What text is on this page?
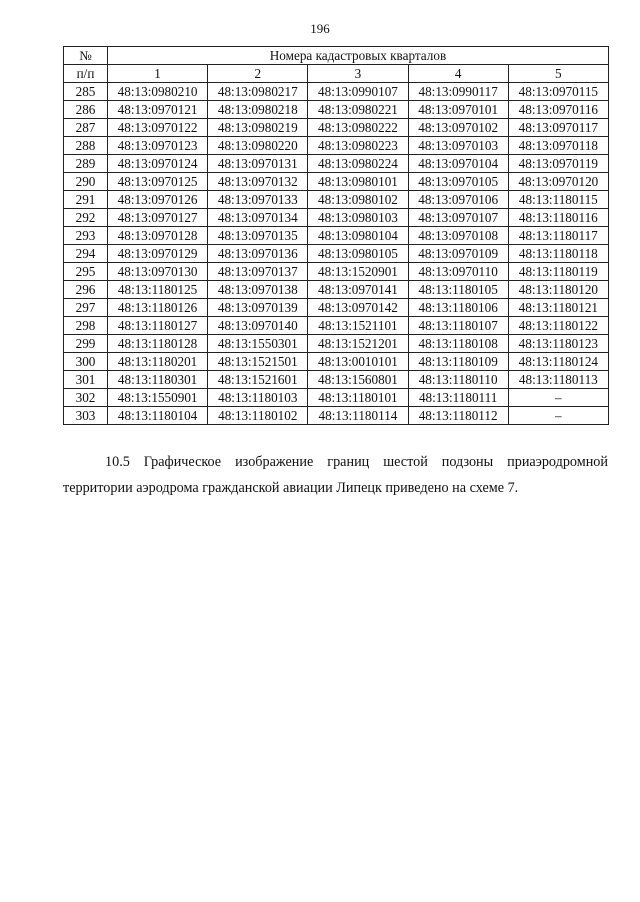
196
№	Номера кадастровых кварталов				
п/п	1	2	3	4	5
285	48:13:0980210	48:13:0980217	48:13:0990107	48:13:0990117	48:13:0970115
286	48:13:0970121	48:13:0980218	48:13:0980221	48:13:0970101	48:13:0970116
287	48:13:0970122	48:13:0980219	48:13:0980222	48:13:0970102	48:13:0970117
288	48:13:0970123	48:13:0980220	48:13:0980223	48:13:0970103	48:13:0970118
289	48:13:0970124	48:13:0970131	48:13:0980224	48:13:0970104	48:13:0970119
290	48:13:0970125	48:13:0970132	48:13:0980101	48:13:0970105	48:13:0970120
291	48:13:0970126	48:13:0970133	48:13:0980102	48:13:0970106	48:13:1180115
292	48:13:0970127	48:13:0970134	48:13:0980103	48:13:0970107	48:13:1180116
293	48:13:0970128	48:13:0970135	48:13:0980104	48:13:0970108	48:13:1180117
294	48:13:0970129	48:13:0970136	48:13:0980105	48:13:0970109	48:13:1180118
295	48:13:0970130	48:13:0970137	48:13:1520901	48:13:0970110	48:13:1180119
296	48:13:1180125	48:13:0970138	48:13:0970141	48:13:1180105	48:13:1180120
297	48:13:1180126	48:13:0970139	48:13:0970142	48:13:1180106	48:13:1180121
298	48:13:1180127	48:13:0970140	48:13:1521101	48:13:1180107	48:13:1180122
299	48:13:1180128	48:13:1550301	48:13:1521201	48:13:1180108	48:13:1180123
300	48:13:1180201	48:13:1521501	48:13:0010101	48:13:1180109	48:13:1180124
301	48:13:1180301	48:13:1521601	48:13:1560801	48:13:1180110	48:13:1180113
302	48:13:1550901	48:13:1180103	48:13:1180101	48:13:1180111	–
303	48:13:1180104	48:13:1180102	48:13:1180114	48:13:1180112	–
10.5 Графическое изображение границ шестой подзоны приаэродромной
территории аэродрома гражданской авиации Липецк приведено на схеме 7.
